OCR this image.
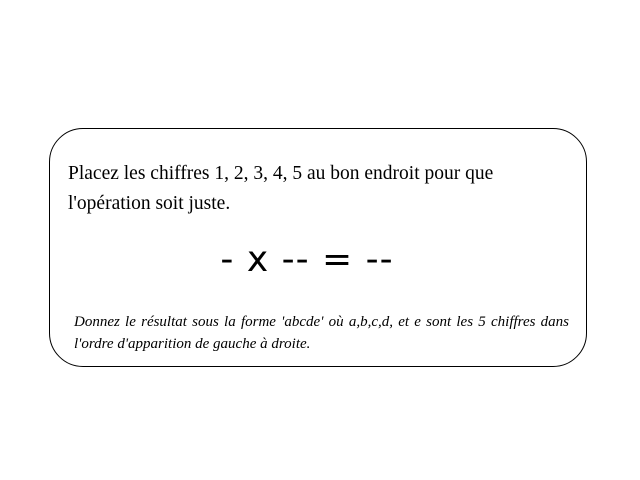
Placez les chiffres 1, 2, 3, 4, 5 au bon endroit pour que l'opération soit juste.
- x -- = --
Donnez le résultat sous la forme 'abcde' où a,b,c,d, et e sont les 5 chiffres dans l'ordre d'apparition de gauche à droite.
